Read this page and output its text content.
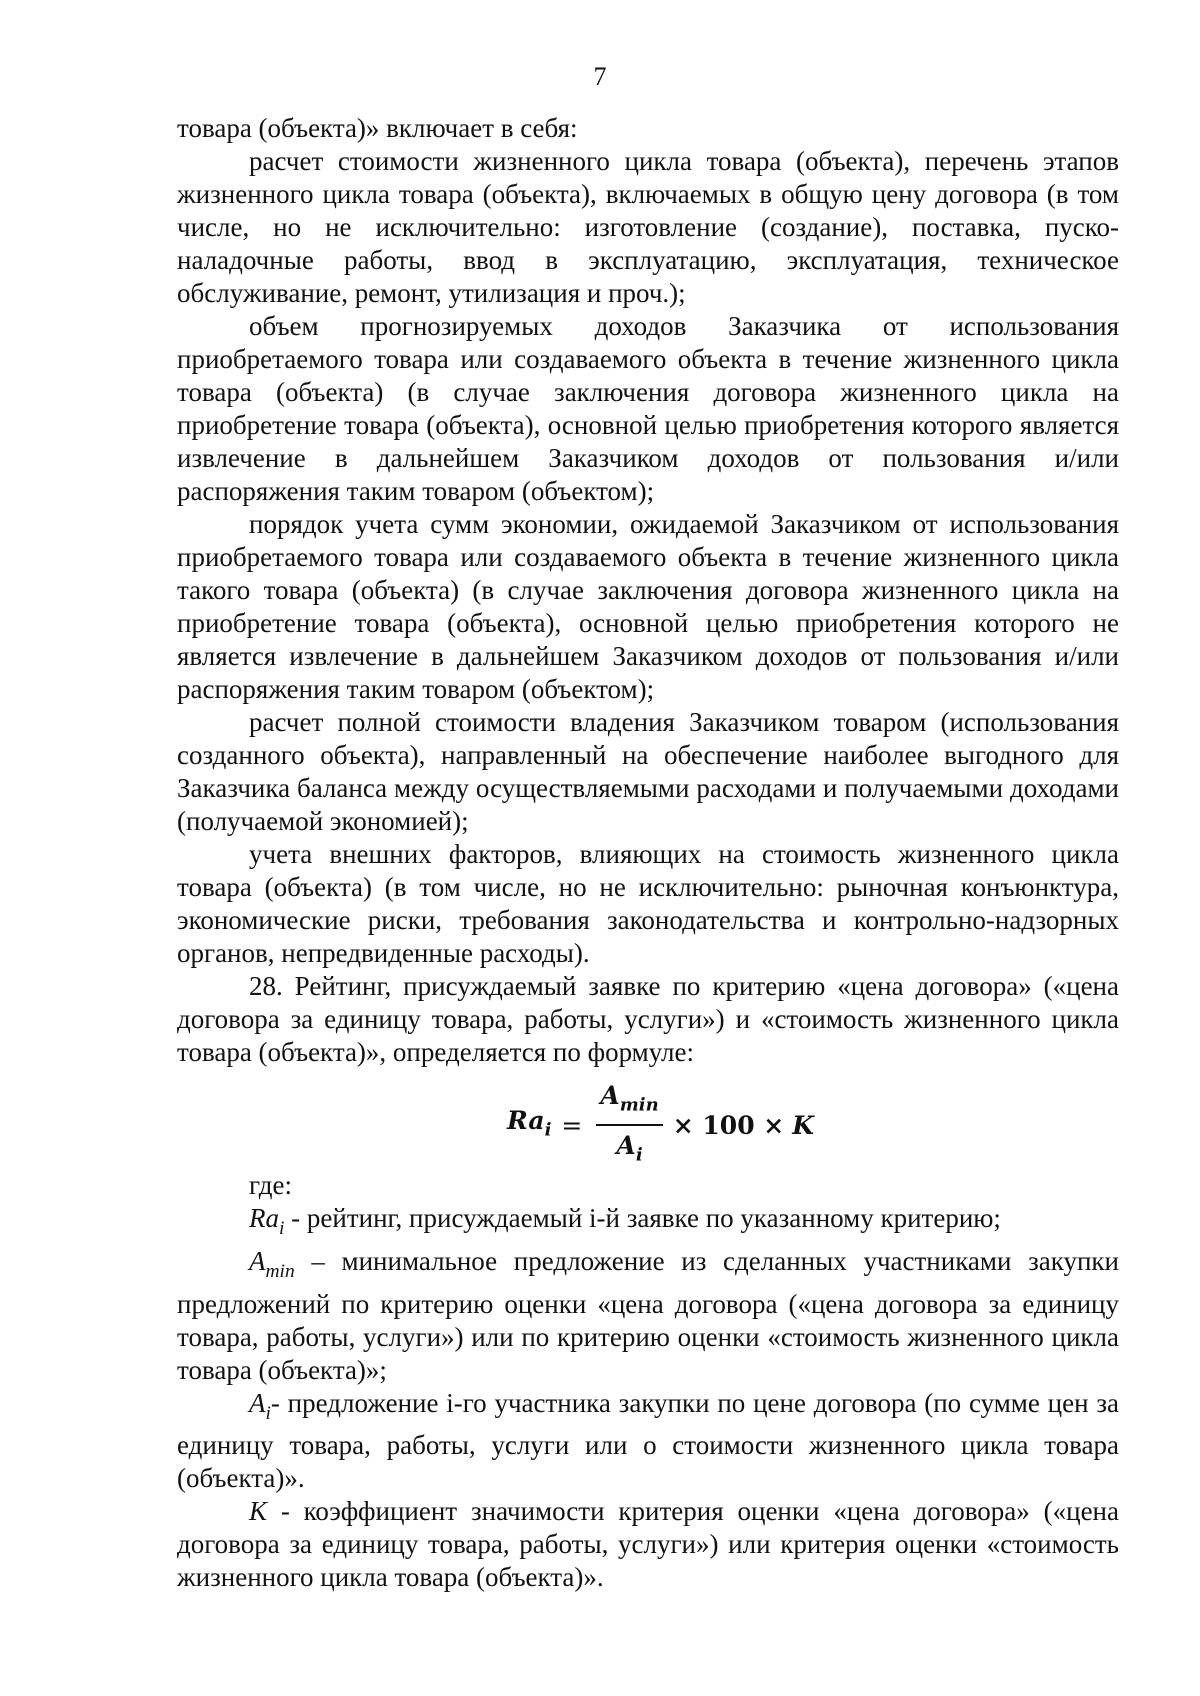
7

товара (объекта)» включает в себя:

расчет стоимости жизненного цикла товара (объекта), перечень этапов жизненного цикла товара (объекта), включаемых в общую цену договора (в том числе, но не исключительно: изготовление (создание), поставка, пуско-наладочные работы, ввод в эксплуатацию, эксплуатация, техническое обслуживание, ремонт, утилизация и проч.);

объем прогнозируемых доходов Заказчика от использования приобретаемого товара или создаваемого объекта в течение жизненного цикла товара (объекта) (в случае заключения договора жизненного цикла на приобретение товара (объекта), основной целью приобретения которого является извлечение в дальнейшем Заказчиком доходов от пользования и/или распоряжения таким товаром (объектом);

порядок учета сумм экономии, ожидаемой Заказчиком от использования приобретаемого товара или создаваемого объекта в течение жизненного цикла такого товара (объекта) (в случае заключения договора жизненного цикла на приобретение товара (объекта), основной целью приобретения которого не является извлечение в дальнейшем Заказчиком доходов от пользования и/или распоряжения таким товаром (объектом);

расчет полной стоимости владения Заказчиком товаром (использования созданного объекта), направленный на обеспечение наиболее выгодного для Заказчика баланса между осуществляемыми расходами и получаемыми доходами (получаемой экономией);

учета внешних факторов, влияющих на стоимость жизненного цикла товара (объекта) (в том числе, но не исключительно: рыночная конъюнктура, экономические риски, требования законодательства и контрольно-надзорных органов, непредвиденные расходы).

28. Рейтинг, присуждаемый заявке по критерию «цена договора» («цена договора за единицу товара, работы, услуги») и «стоимость жизненного цикла товара (объекта)», определяется по формуле:

$Ra_i = \frac{A_{min}}{A_i} \times 100 \times K$

где:

$Ra_i$ - рейтинг, присуждаемый i-й заявке по указанному критерию;

$A_{min}$ – минимальное предложение из сделанных участниками закупки предложений по критерию оценки «цена договора («цена договора за единицу товара, работы, услуги») или по критерию оценки «стоимость жизненного цикла товара (объекта)»;

$A_i-$ предложение i-го участника закупки по цене договора (по сумме цен за единицу товара, работы, услуги или о стоимости жизненного цикла товара (объекта)».

К - коэффициент значимости критерия оценки «цена договора» («цена договора за единицу товара, работы, услуги») или критерия оценки «стоимость жизненного цикла товара (объекта)».
